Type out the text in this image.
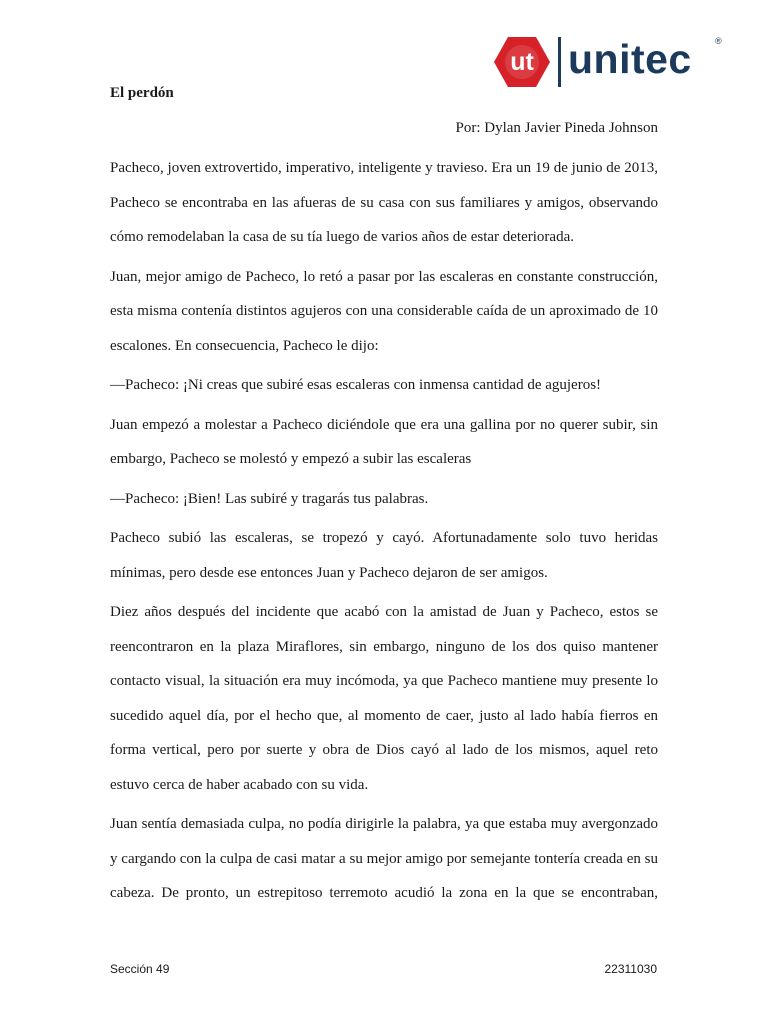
ut unitec	®

El perdón

Por: Dylan Javier Pineda Johnson

Pacheco, joven extrovertido, imperativo, inteligente y travieso. Era un 19 de junio de 2013, Pacheco se encontraba en las afueras de su casa con sus familiares y amigos, observando cómo remodelaban la casa de su tía luego de varios años de estar deteriorada.

Juan, mejor amigo de Pacheco, lo retó a pasar por las escaleras en constante construcción, esta misma contenía distintos agujeros con una considerable caída de un aproximado de 10 escalones. En consecuencia, Pacheco le dijo:

—Pacheco: ¡Ni creas que subiré esas escaleras con inmensa cantidad de agujeros!

Juan empezó a molestar a Pacheco diciéndole que era una gallina por no querer subir, sin embargo, Pacheco se molestó y empezó a subir las escaleras

—Pacheco: ¡Bien! Las subiré y tragarás tus palabras.

Pacheco subió las escaleras, se tropezó y cayó. Afortunadamente solo tuvo heridas mínimas, pero desde ese entonces Juan y Pacheco dejaron de ser amigos.

Diez años después del incidente que acabó con la amistad de Juan y Pacheco, estos se reencontraron en la plaza Miraflores, sin embargo, ninguno de los dos quiso mantener contacto visual, la situación era muy incómoda, ya que Pacheco mantiene muy presente lo sucedido aquel día, por el hecho que, al momento de caer, justo al lado había fierros en forma vertical, pero por suerte y obra de Dios cayó al lado de los mismos, aquel reto estuvo cerca de haber acabado con su vida.

Juan sentía demasiada culpa, no podía dirigirle la palabra, ya que estaba muy avergonzado y cargando con la culpa de casi matar a su mejor amigo por semejante tontería creada en su cabeza. De pronto, un estrepitoso terremoto acudió la zona en la que se encontraban,

Sección 49	22311030
